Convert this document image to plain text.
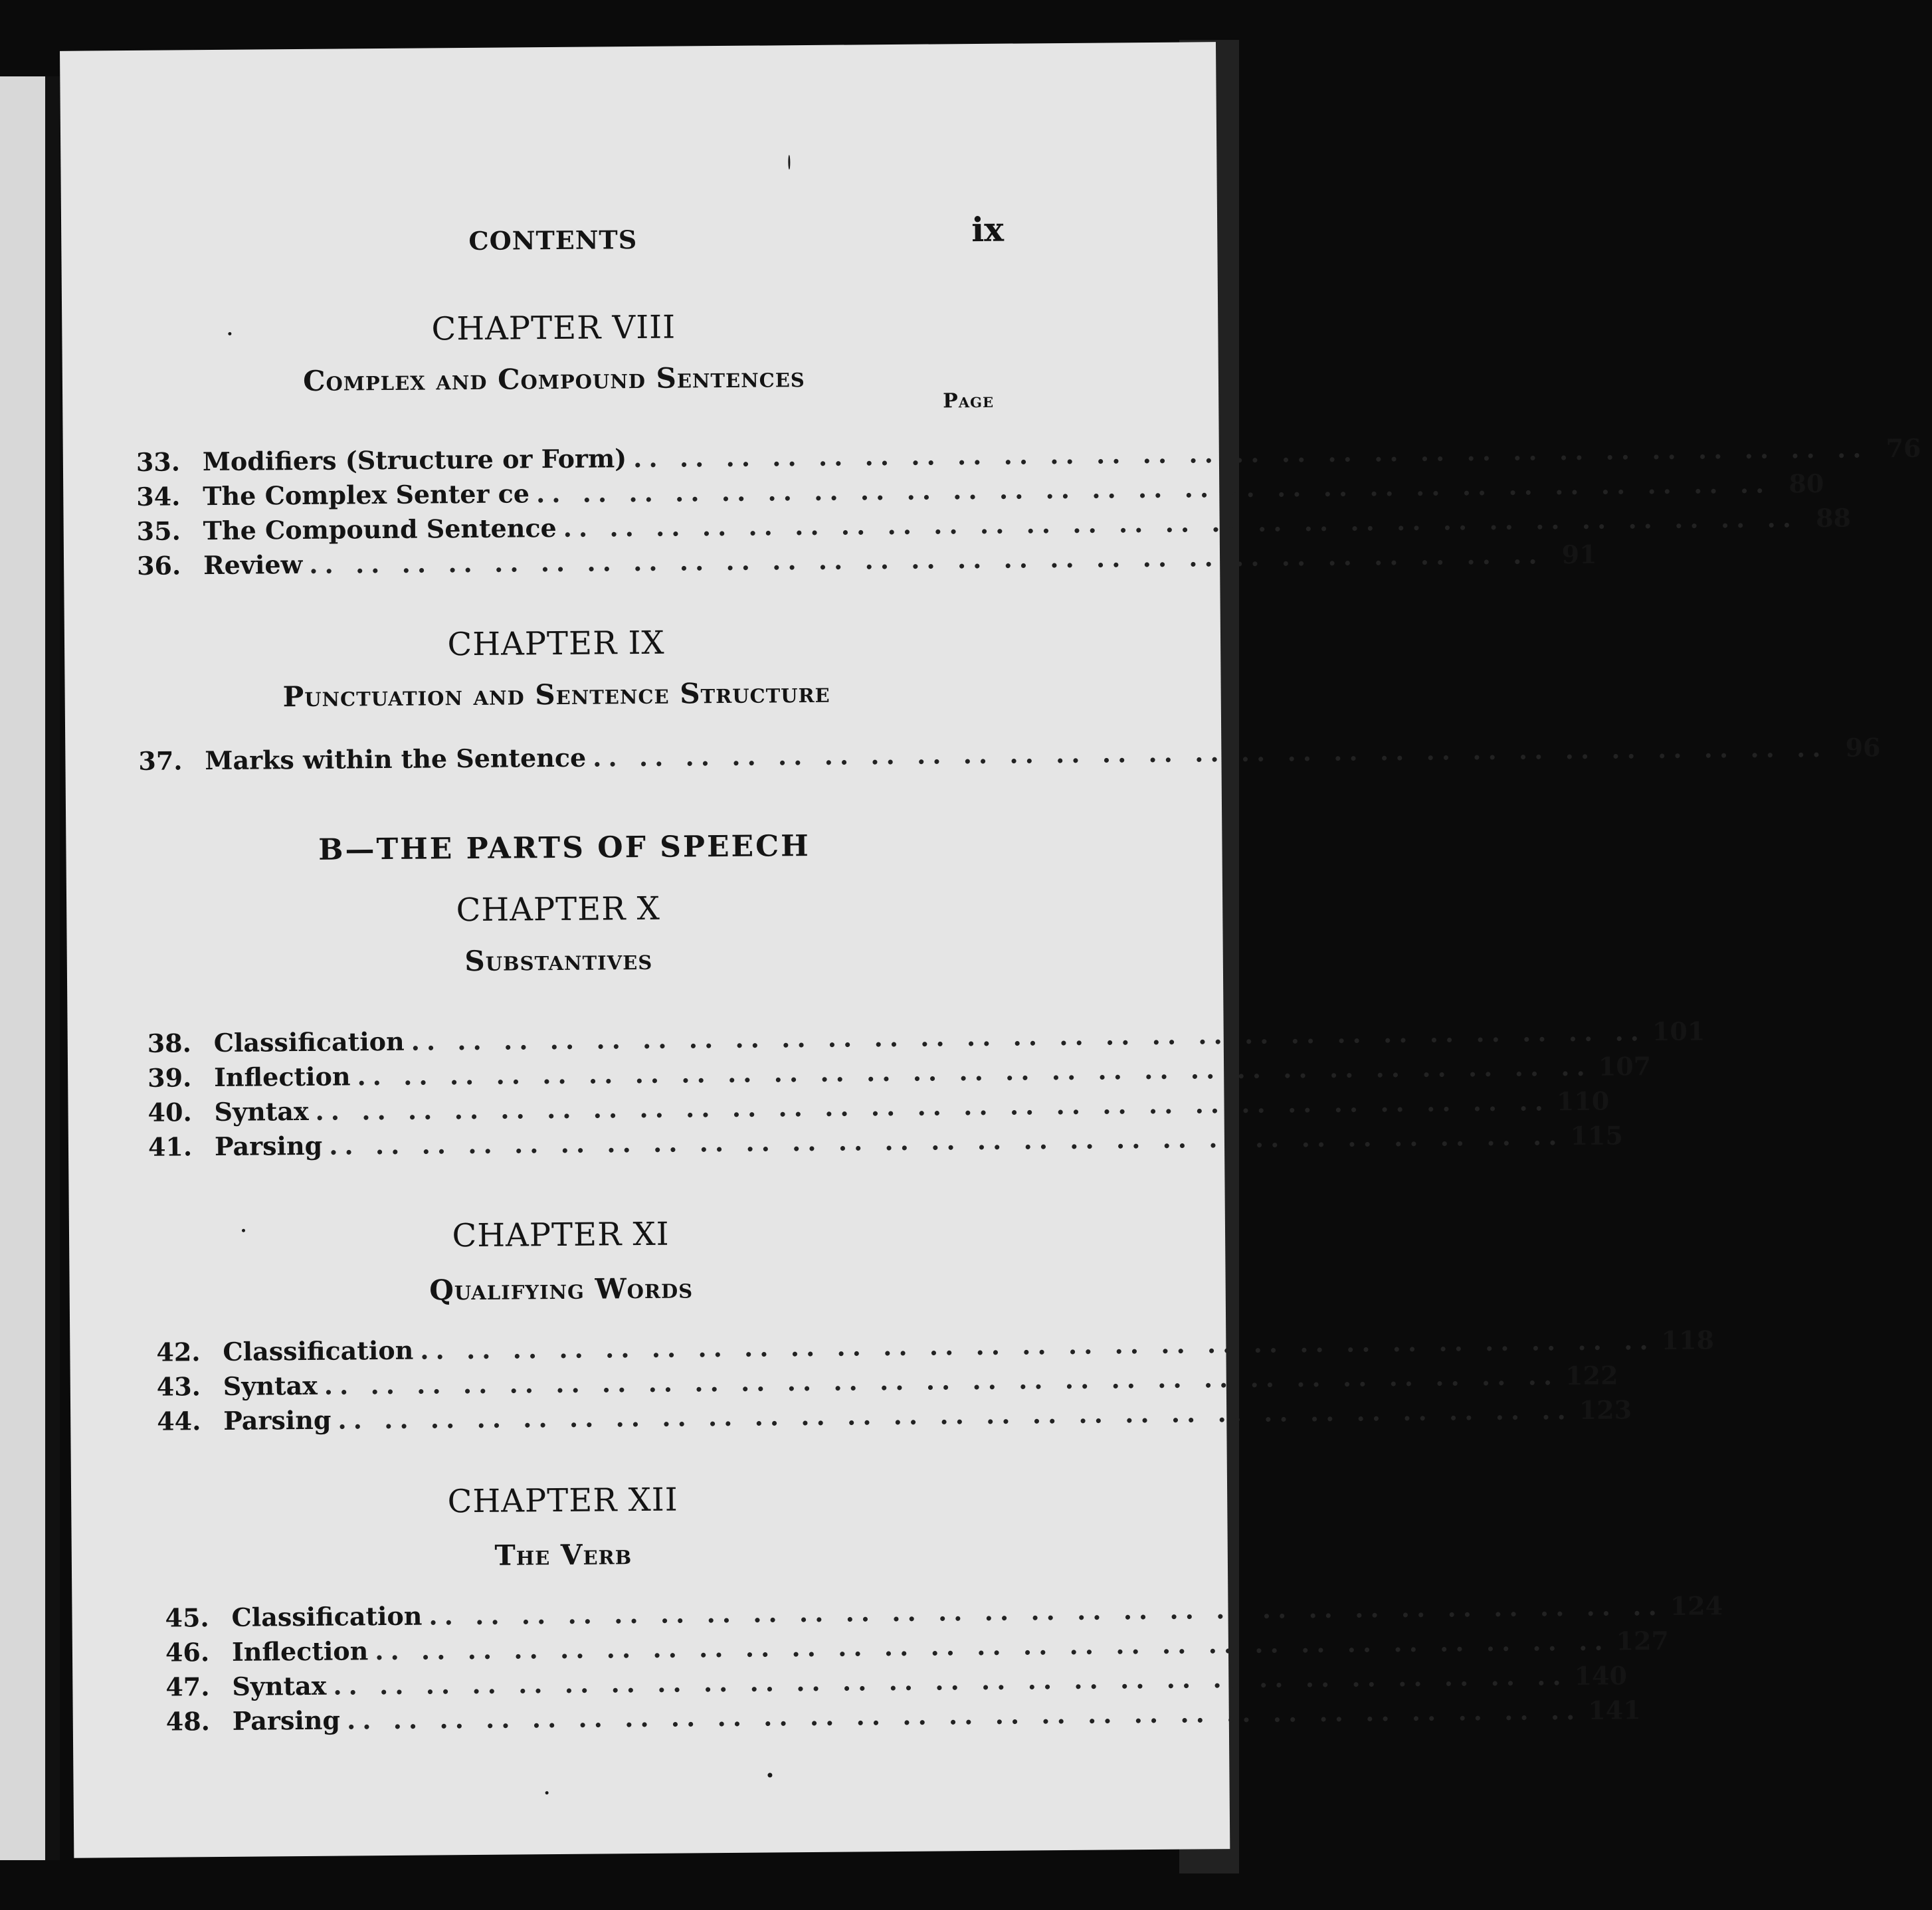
CONTENTS	ix
CHAPTER VIII
Complex and Compound Sentences
Page
33. Modifiers (Structure or Form) .. .. .. .. .. .. .. .. .. .. .. .. .. .. .. .. .. .. .. .. .. .. .. .. .. .. .. 76
34. The Complex Senter ce .. .. .. .. .. .. .. .. .. .. .. .. .. .. .. .. .. .. .. .. .. .. .. .. .. .. .. 80
35. The Compound Sentence .. .. .. .. .. .. .. .. .. .. .. .. .. .. .. .. .. .. .. .. .. .. .. .. .. .. .. 88
36. Review .. .. .. .. .. .. .. .. .. .. .. .. .. .. .. .. .. .. .. .. .. .. .. .. .. .. .. 91
CHAPTER IX
Punctuation and Sentence Structure
37. Marks within the Sentence .. .. .. .. .. .. .. .. .. .. .. .. .. .. .. .. .. .. .. .. .. .. .. .. .. .. .. 96
B—THE PARTS OF SPEECH
CHAPTER X
Substantives
38. Classification .. .. .. .. .. .. .. .. .. .. .. .. .. .. .. .. .. .. .. .. .. .. .. .. .. .. .. 101
39. Inflection .. .. .. .. .. .. .. .. .. .. .. .. .. .. .. .. .. .. .. .. .. .. .. .. .. .. .. 107
40. Syntax .. .. .. .. .. .. .. .. .. .. .. .. .. .. .. .. .. .. .. .. .. .. .. .. .. .. .. 110
41. Parsing .. .. .. .. .. .. .. .. .. .. .. .. .. .. .. .. .. .. .. .. .. .. .. .. .. .. .. 115
CHAPTER XI
Qualifying Words
42. Classification .. .. .. .. .. .. .. .. .. .. .. .. .. .. .. .. .. .. .. .. .. .. .. .. .. .. .. 118
43. Syntax .. .. .. .. .. .. .. .. .. .. .. .. .. .. .. .. .. .. .. .. .. .. .. .. .. .. .. 122
44. Parsing .. .. .. .. .. .. .. .. .. .. .. .. .. .. .. .. .. .. .. .. .. .. .. .. .. .. .. 123
CHAPTER XII
The Verb
45. Classification .. .. .. .. .. .. .. .. .. .. .. .. .. .. .. .. .. .. .. .. .. .. .. .. .. .. .. 124
46. Inflection .. .. .. .. .. .. .. .. .. .. .. .. .. .. .. .. .. .. .. .. .. .. .. .. .. .. .. 127
47. Syntax .. .. .. .. .. .. .. .. .. .. .. .. .. .. .. .. .. .. .. .. .. .. .. .. .. .. .. 140
48. Parsing .. .. .. .. .. .. .. .. .. .. .. .. .. .. .. .. .. .. .. .. .. .. .. .. .. .. .. 141
